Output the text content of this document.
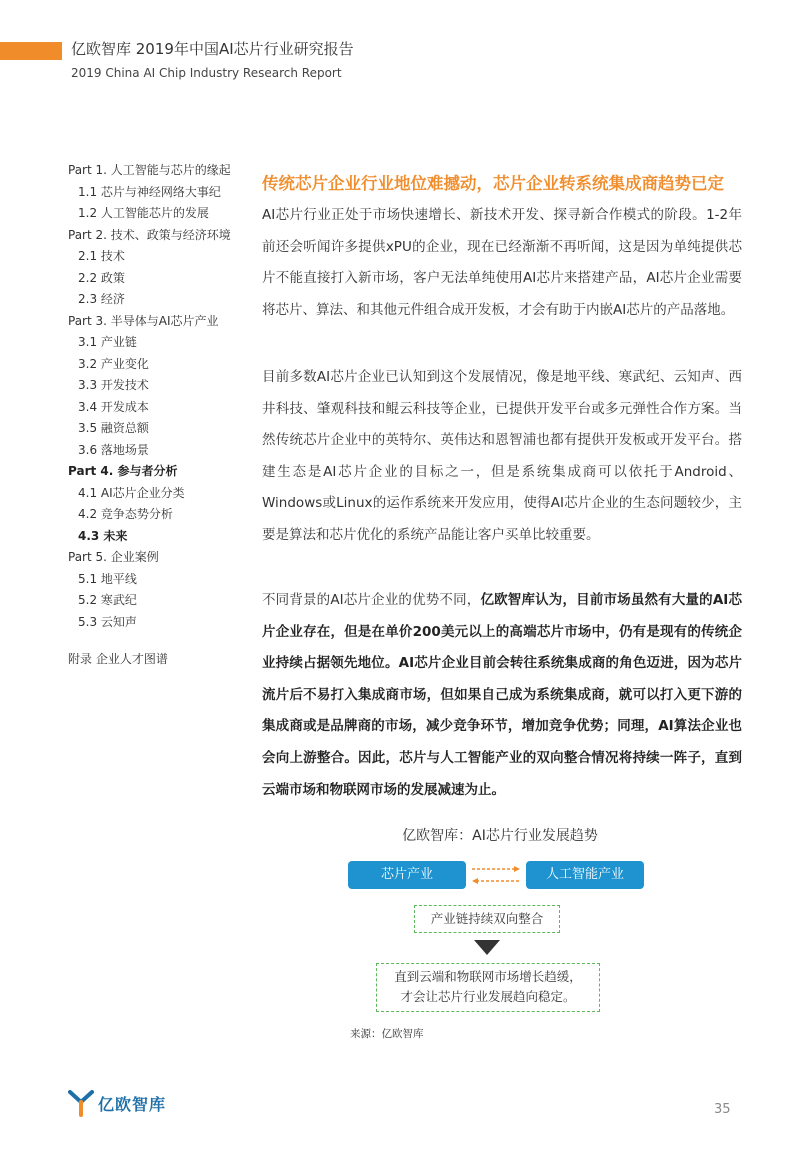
亿欧智库 2019年中国AI芯片行业研究报告
2019 China AI Chip Industry Research Report
Part 1. 人工智能与芯片的缘起
1.1 芯片与神经网络大事纪
1.2 人工智能芯片的发展
Part 2. 技术、政策与经济环境
2.1 技术
2.2 政策
2.3 经济
Part 3. 半导体与AI芯片产业
3.1 产业链
3.2 产业变化
3.3 开发技术
3.4 开发成本
3.5 融资总额
3.6 落地场景
Part 4. 参与者分析
4.1 AI芯片企业分类
4.2 竞争态势分析
4.3 未来
Part 5. 企业案例
5.1 地平线
5.2 寒武纪
5.3 云知声
附录 企业人才图谱
传统芯片企业行业地位难撼动，芯片企业转系统集成商趋势已定
AI芯片行业正处于市场快速增长、新技术开发、探寻新合作模式的阶段。1-2年前还会听闻许多提供xPU的企业，现在已经渐渐不再听闻，这是因为单纯提供芯片不能直接打入新市场，客户无法单纯使用AI芯片来搭建产品，AI芯片企业需要将芯片、算法、和其他元件组合成开发板，才会有助于内嵌AI芯片的产品落地。
目前多数AI芯片企业已认知到这个发展情况，像是地平线、寒武纪、云知声、西井科技、肇观科技和鲲云科技等企业，已提供开发平台或多元弹性合作方案。当然传统芯片企业中的英特尔、英伟达和恩智浦也都有提供开发板或开发平台。搭建生态是AI芯片企业的目标之一，但是系统集成商可以依托于Android、Windows或Linux的运作系统来开发应用，使得AI芯片企业的生态问题较少，主要是算法和芯片优化的系统产品能让客户买单比较重要。
不同背景的AI芯片企业的优势不同，亿欧智库认为，目前市场虽然有大量的AI芯片企业存在，但是在单价200美元以上的高端芯片市场中，仍有是现有的传统企业持续占据领先地位。AI芯片企业目前会转往系统集成商的角色迈进，因为芯片流片后不易打入集成商市场，但如果自己成为系统集成商，就可以打入更下游的集成商或是品牌商的市场，减少竞争环节，增加竞争优势；同理，AI算法企业也会向上游整合。因此，芯片与人工智能产业的双向整合情况将持续一阵子，直到云端市场和物联网市场的发展减速为止。
亿欧智库：AI芯片行业发展趋势
芯片产业	人工智能产业
产业链持续双向整合
直到云端和物联网市场增长趋缓，
才会让芯片行业发展趋向稳定。
来源：亿欧智库
亿欧智库	35
